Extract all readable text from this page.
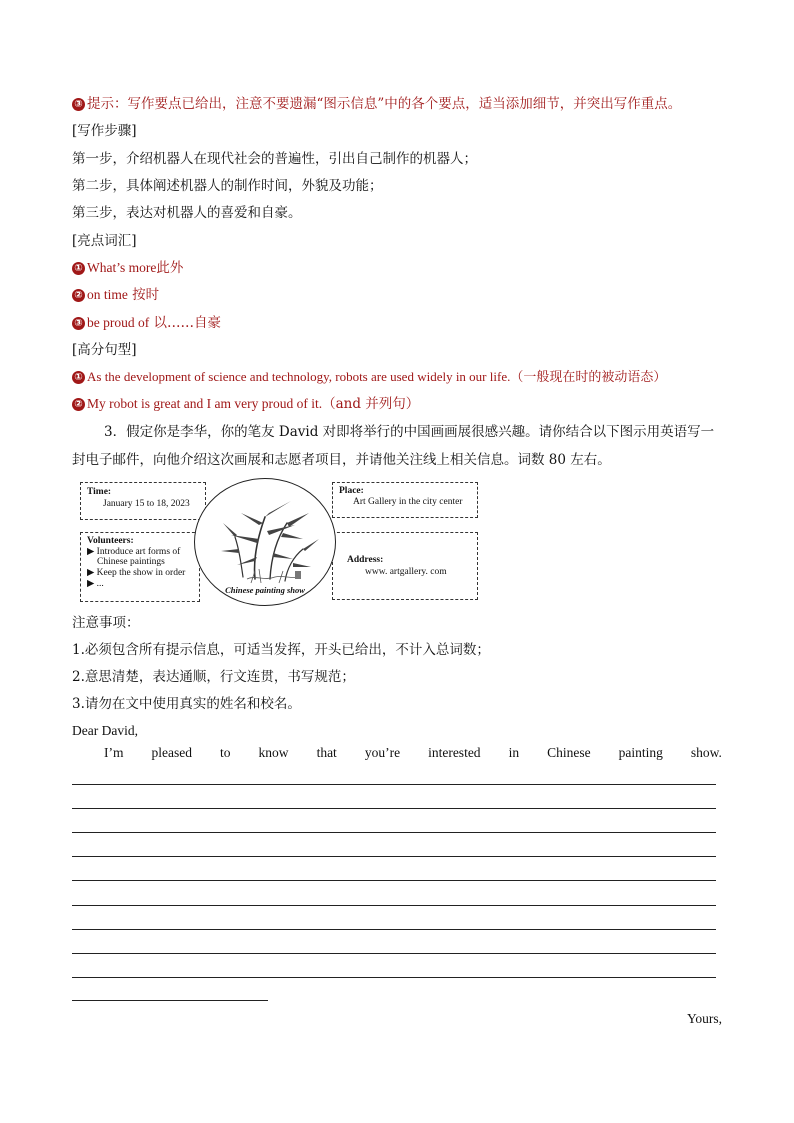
③ 提示：写作要点已给出，注意不要遗漏“图示信息”中的各个要点，适当添加细节，并突出写作重点。
[写作步骤]
第一步，介绍机器人在现代社会的普遍性，引出自己制作的机器人；
第二步，具体阐述机器人的制作时间，外貌及功能；
第三步，表达对机器人的喜爱和自豪。
[亮点词汇]
① What’s more此外
② on time 按时
③ be proud of 以……自豪
[高分句型]
① As the development of science and technology, robots are used widely in our life.（一般现在时的被动语态）
② My robot is great and I am very proud of it.（and 并列句）
3．假定你是李华，你的笔友 David 对即将举行的中国画画展很感兴趣。请你结合以下图示用英语写一
封电子邮件，向他介绍这次画展和志愿者项目，并请他关注线上相关信息。词数 80 左右。
Time:
January 15 to 18, 2023
Volunteers:
▶ Introduce art forms of
Chinese paintings
▶ Keep the show in order
▶ ...
Place:
Art Gallery in the city center
Address:
www. artgallery. com
Chinese painting show
注意事项：
1.必须包含所有提示信息，可适当发挥，开头已给出，不计入总词数；
2.意思清楚，表达通顺，行文连贯，书写规范；
3.请勿在文中使用真实的姓名和校名。
Dear David,
I’m pleased to know that you’re interested in Chinese painting show.
Yours,
